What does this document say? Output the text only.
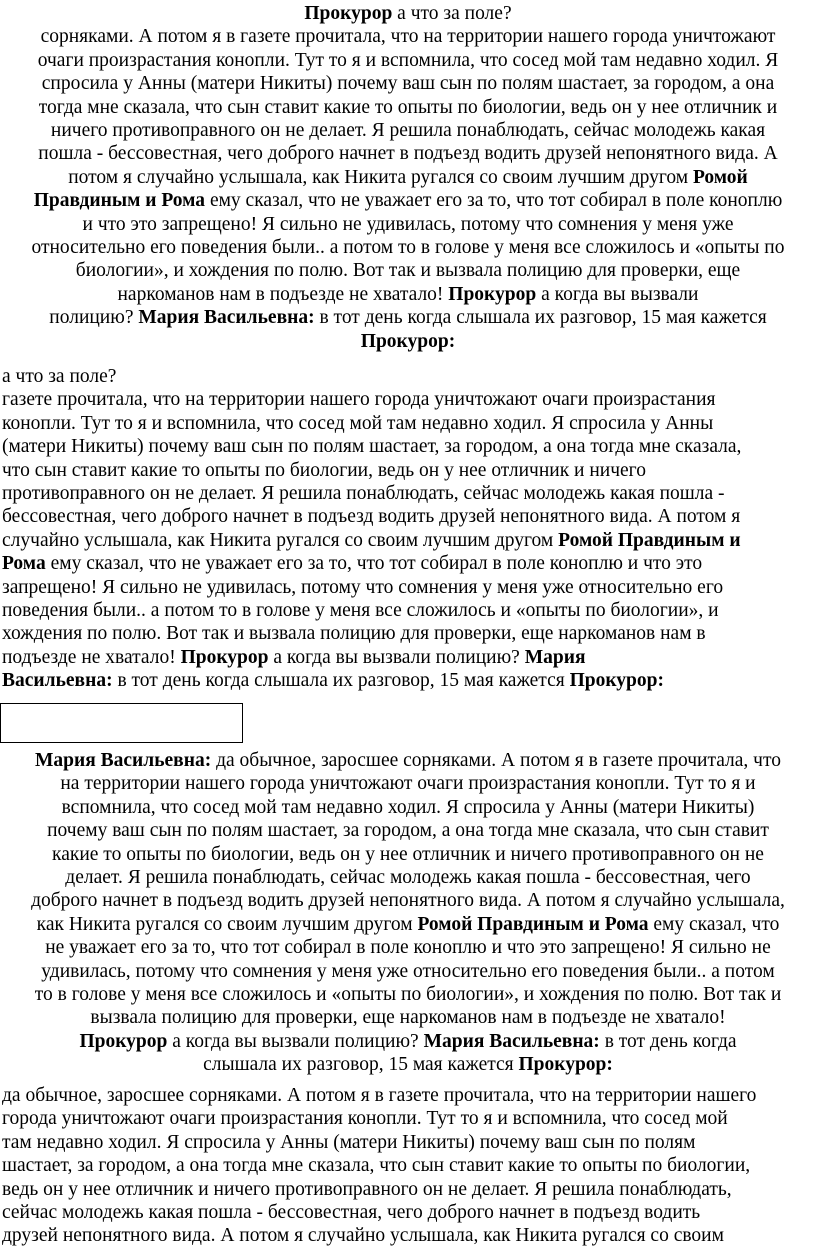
Прокурор а что за поле?
сорняками. А потом я в газете прочитала, что на территории нашего города уничтожают
очаги произрастания конопли. Тут то я и вспомнила, что сосед мой там недавно ходил. Я
спросила у Анны (матери Никиты) почему ваш сын по полям шастает, за городом, а она
тогда мне сказала, что сын ставит какие то опыты по биологии, ведь он у нее отличник и
ничего противоправного он не делает. Я решила понаблюдать, сейчас молодежь какая
пошла - бессовестная, чего доброго начнет в подъезд водить друзей непонятного вида. А
потом я случайно услышала, как Никита ругался со своим лучшим другом Ромой
Правдиным и Рома ему сказал, что не уважает его за то, что тот собирал в поле коноплю
и что это запрещено! Я сильно не удивилась, потому что сомнения у меня уже
относительно его поведения были.. а потом то в голове у меня все сложилось и «опыты по
биологии», и хождения по полю. Вот так и вызвала полицию для проверки, еще
наркоманов нам в подъезде не хватало! Прокурор а когда вы вызвали
полицию? Мария Васильевна: в тот день когда слышала их разговор, 15 мая кажется
Прокурор:
а что за поле?
газете прочитала, что на территории нашего города уничтожают очаги произрастания
конопли. Тут то я и вспомнила, что сосед мой там недавно ходил. Я спросила у Анны
(матери Никиты) почему ваш сын по полям шастает, за городом, а она тогда мне сказала,
что сын ставит какие то опыты по биологии, ведь он у нее отличник и ничего
противоправного он не делает. Я решила понаблюдать, сейчас молодежь какая пошла -
бессовестная, чего доброго начнет в подъезд водить друзей непонятного вида. А потом я
случайно услышала, как Никита ругался со своим лучшим другом Ромой Правдиным и
Рома ему сказал, что не уважает его за то, что тот собирал в поле коноплю и что это
запрещено! Я сильно не удивилась, потому что сомнения у меня уже относительно его
поведения были.. а потом то в голове у меня все сложилось и «опыты по биологии», и
хождения по полю. Вот так и вызвала полицию для проверки, еще наркоманов нам в
подъезде не хватало! Прокурор а когда вы вызвали полицию? Мария
Васильевна: в тот день когда слышала их разговор, 15 мая кажется Прокурор:
Мария Васильевна: да обычное, заросшее сорняками. А потом я в газете прочитала, что
на территории нашего города уничтожают очаги произрастания конопли. Тут то я и
вспомнила, что сосед мой там недавно ходил. Я спросила у Анны (матери Никиты)
почему ваш сын по полям шастает, за городом, а она тогда мне сказала, что сын ставит
какие то опыты по биологии, ведь он у нее отличник и ничего противоправного он не
делает. Я решила понаблюдать, сейчас молодежь какая пошла - бессовестная, чего
доброго начнет в подъезд водить друзей непонятного вида. А потом я случайно услышала,
как Никита ругался со своим лучшим другом Ромой Правдиным и Рома ему сказал, что
не уважает его за то, что тот собирал в поле коноплю и что это запрещено! Я сильно не
удивилась, потому что сомнения у меня уже относительно его поведения были.. а потом
то в голове у меня все сложилось и «опыты по биологии», и хождения по полю. Вот так и
вызвала полицию для проверки, еще наркоманов нам в подъезде не хватало!
Прокурор а когда вы вызвали полицию? Мария Васильевна: в тот день когда
слышала их разговор, 15 мая кажется Прокурор:
да обычное, заросшее сорняками. А потом я в газете прочитала, что на территории нашего
города уничтожают очаги произрастания конопли. Тут то я и вспомнила, что сосед мой
там недавно ходил. Я спросила у Анны (матери Никиты) почему ваш сын по полям
шастает, за городом, а она тогда мне сказала, что сын ставит какие то опыты по биологии,
ведь он у нее отличник и ничего противоправного он не делает. Я решила понаблюдать,
сейчас молодежь какая пошла - бессовестная, чего доброго начнет в подъезд водить
друзей непонятного вида. А потом я случайно услышала, как Никита ругался со своим
